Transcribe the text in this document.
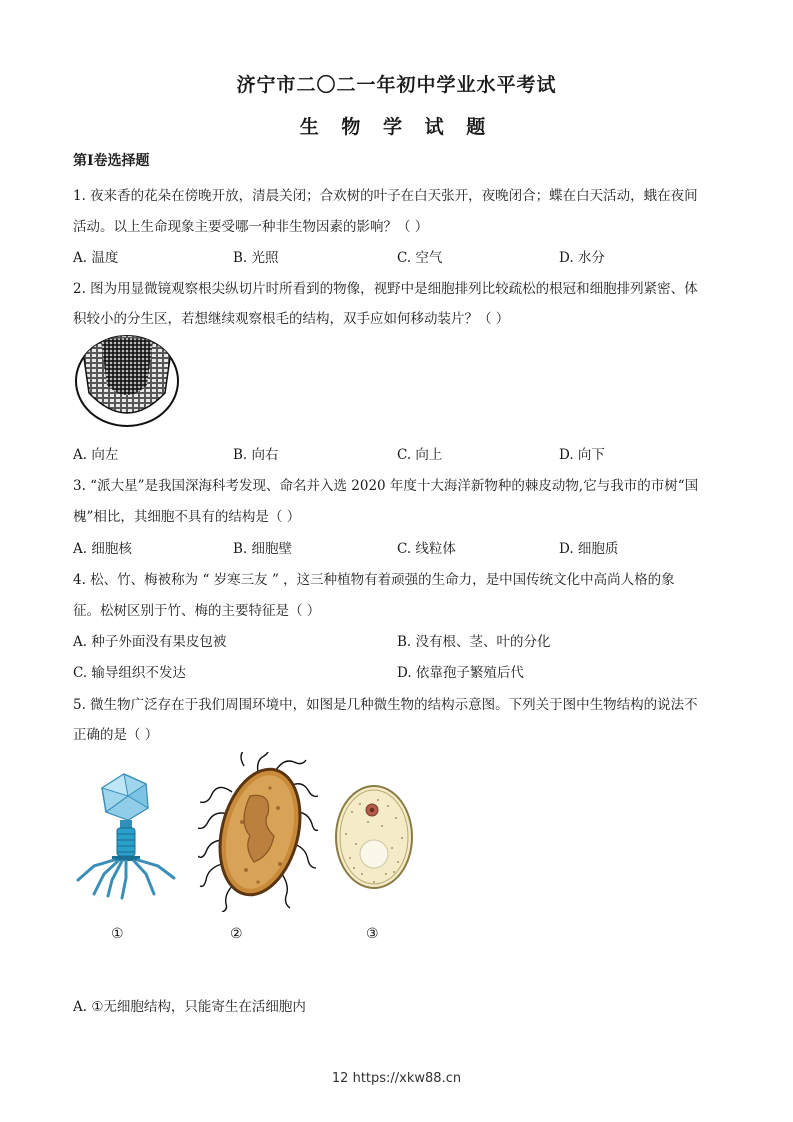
济宁市二〇二一年初中学业水平考试
生 物 学 试 题
第Ⅰ卷选择题
1. 夜来香的花朵在傍晚开放，清晨关闭；合欢树的叶子在白天张开，夜晚闭合；蝶在白天活动，蛾在夜间
活动。以上生命现象主要受哪一种非生物因素的影响？（ ）
A. 温度	B. 光照	C. 空气	D. 水分
2. 图为用显微镜观察根尖纵切片时所看到的物像，视野中是细胞排列比较疏松的根冠和细胞排列紧密、体
积较小的分生区，若想继续观察根毛的结构，双手应如何移动装片？（ ）
A. 向左	B. 向右	C. 向上	D. 向下
3. “派大星”是我国深海科考发现、命名并入选 2020 年度十大海洋新物种的棘皮动物,它与我市的市树“国
槐”相比，其细胞不具有的结构是（ ）
A. 细胞核	B. 细胞壁	C. 线粒体	D. 细胞质
4. 松、竹、梅被称为 “ 岁寒三友 ” ，这三种植物有着顽强的生命力，是中国传统文化中高尚人格的象
征。松树区别于竹、梅的主要特征是（ ）
A. 种子外面没有果皮包被	B. 没有根、茎、叶的分化
C. 输导组织不发达	D. 依靠孢子繁殖后代
5. 微生物广泛存在于我们周围环境中，如图是几种微生物的结构示意图。下列关于图中生物结构的说法不
正确的是（ ）
①	②	③
A. ①无细胞结构，只能寄生在活细胞内
12 https://xkw88.cn
